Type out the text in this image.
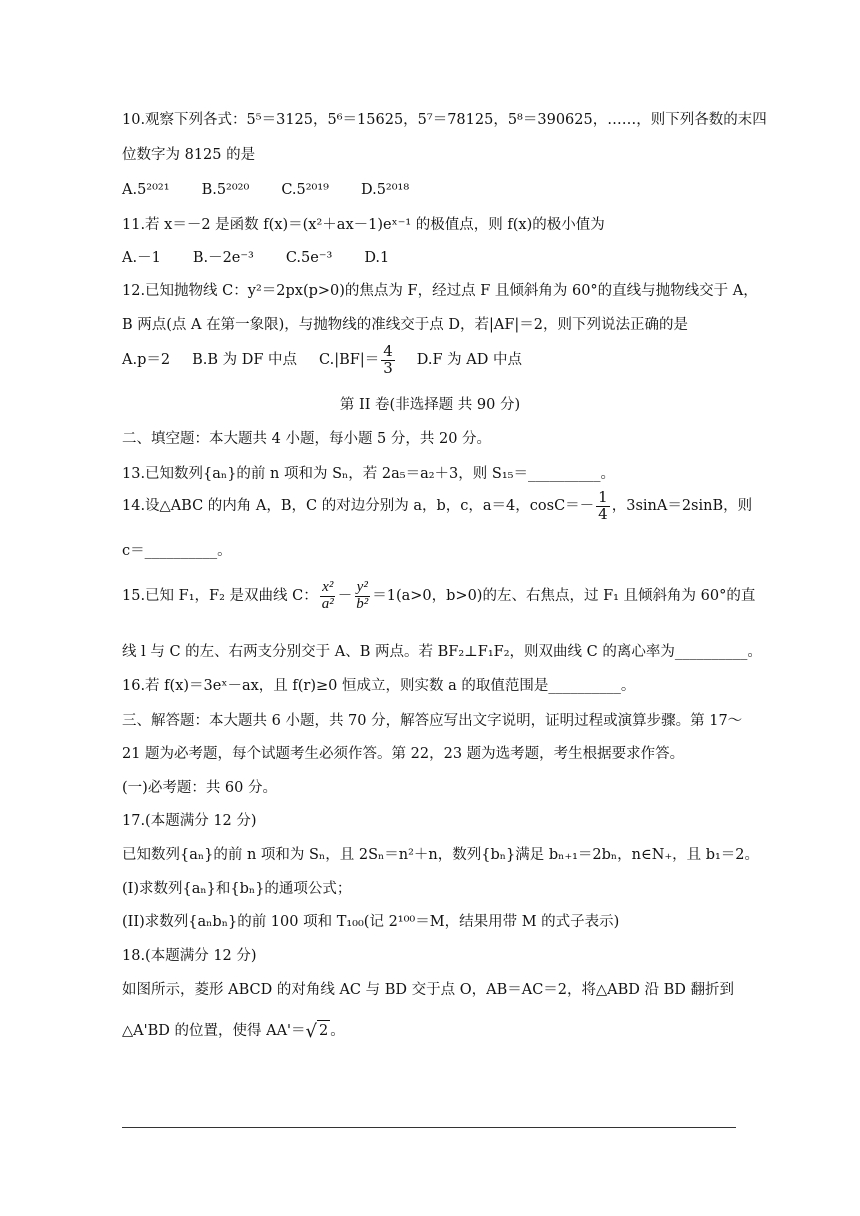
10.观察下列各式：5⁵＝3125，5⁶＝15625，5⁷＝78125，5⁸＝390625，……，则下列各数的末四
位数字为 8125 的是
A.5²⁰²¹ B.5²⁰²⁰ C.5²⁰¹⁹ D.5²⁰¹⁸
11.若 x＝－2 是函数 f(x)＝(x²＋ax－1)eˣ⁻¹ 的极值点，则 f(x)的极小值为
A.－1 B.－2e⁻³ C.5e⁻³ D.1
12.已知抛物线 C：y²＝2px(p>0)的焦点为 F，经过点 F 且倾斜角为 60°的直线与抛物线交于 A，
B 两点(点 A 在第一象限)，与抛物线的准线交于点 D，若|AF|＝2，则下列说法正确的是
A.p＝2 B.B 为 DF 中点 $C.|BF|= \frac{4}{3} D.F$ 为 AD 中点
第 II 卷(非选择题 共 90 分)
二、填空题：本大题共 4 小题，每小题 5 分，共 20 分。
13.已知数列{aₙ}的前 n 项和为 Sₙ，若 2a₅＝a₂＋3，则 S₁₅＝__________。
14.设△ABC 的内角 A，B，C 的对边分别为 a，b，c，a＝4，$\cos C=- \frac{1}{4}$ ，3sinA＝2sinB，则
c＝__________。
15.已知 F₁，F₂ 是双曲线 C： $\frac{\text{x²}}{\text{a²}} - \frac{\text{y²}}{\text{b²}} =1$ (a>0，b>0)的左、右焦点，过 F₁ 且倾斜角为 60°的直
线 l 与 C 的左、右两支分别交于 A、B 两点。若 BF₂⊥F₁F₂，则双曲线 C 的离心率为__________。
16.若 f(x)＝3eˣ－ax，且 f(r)≥0 恒成立，则实数 a 的取值范围是__________。
三、解答题：本大题共 6 小题，共 70 分，解答应写出文字说明，证明过程或演算步骤。第 17～
21 题为必考题，每个试题考生必须作答。第 22，23 题为选考题，考生根据要求作答。
(一)必考题：共 60 分。
17.(本题满分 12 分)
已知数列{aₙ}的前 n 项和为 Sₙ，且 2Sₙ＝n²＋n，数列{bₙ}满足 bₙ₊₁＝2bₙ，n∈N₊，且 b₁＝2。
(I)求数列{aₙ}和{bₙ}的通项公式；
(II)求数列{aₙbₙ}的前 100 项和 T₁₀₀(记 2¹⁰⁰＝M，结果用带 M 的式子表示)
18.(本题满分 12 分)
如图所示，菱形 ABCD 的对角线 AC 与 BD 交于点 O，AB＝AC＝2，将△ABD 沿 BD 翻折到
△A'BD 的位置，使得 AA'＝ √ 2 。
